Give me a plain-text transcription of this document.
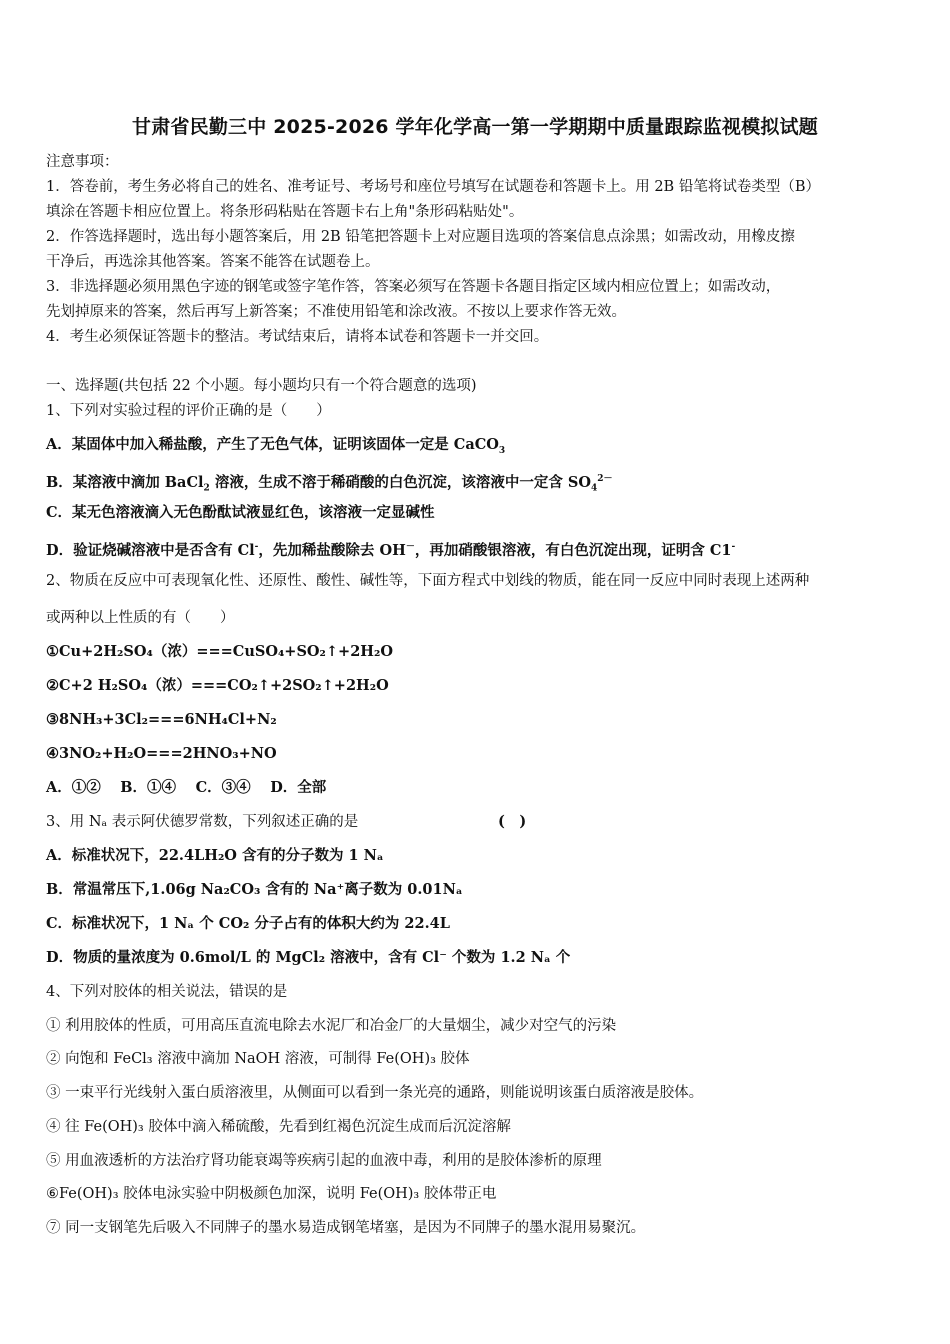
甘肃省民勤三中 2025-2026 学年化学高一第一学期期中质量跟踪监视模拟试题
注意事项：
1．答卷前，考生务必将自己的姓名、准考证号、考场号和座位号填写在试题卷和答题卡上。用 2B 铅笔将试卷类型（B）
填涂在答题卡相应位置上。将条形码粘贴在答题卡右上角"条形码粘贴处"。
2．作答选择题时，选出每小题答案后，用 2B 铅笔把答题卡上对应题目选项的答案信息点涂黑；如需改动，用橡皮擦
干净后，再选涂其他答案。答案不能答在试题卷上。
3．非选择题必须用黑色字迹的钢笔或签字笔作答，答案必须写在答题卡各题目指定区域内相应位置上；如需改动，
先划掉原来的答案，然后再写上新答案；不准使用铅笔和涂改液。不按以上要求作答无效。
4．考生必须保证答题卡的整洁。考试结束后，请将本试卷和答题卡一并交回。
一、选择题(共包括 22 个小题。每小题均只有一个符合题意的选项)
1、下列对实验过程的评价正确的是（　　）
A．某固体中加入稀盐酸，产生了无色气体，证明该固体一定是 CaCO$_3$
B．某溶液中滴加 BaCl$_2$ 溶液，生成不溶于稀硝酸的白色沉淀，该溶液中一定含 $SO_4^{2-}$
C．某无色溶液滴入无色酚酞试液显红色，该溶液一定显碱性
D．验证烧碱溶液中是否含有 Cl-，先加稀盐酸除去 OH－，再加硝酸银溶液，有白色沉淀出现，证明含 C1-
2、物质在反应中可表现氧化性、还原性、酸性、碱性等，下面方程式中划线的物质，能在同一反应中同时表现上述两种
或两种以上性质的有（　　）
①Cu+2H₂SO₄（浓）===CuSO₄+SO₂↑+2H₂O
②C+2 H₂SO₄（浓）===CO₂↑+2SO₂↑+2H₂O
③8NH₃+3Cl₂===6NH₄Cl+N₂
④3NO₂+H₂O===2HNO₃+NO
A．①②　 B．①④　 C．③④　 D．全部
3、用 Nₐ 表示阿伏德罗常数，下列叙述正确的是	(　)
A．标准状况下，22.4LH₂O 含有的分子数为 1 Nₐ
B．常温常压下,1.06g Na₂CO₃ 含有的 Na⁺离子数为 0.01Nₐ
C．标准状况下，1 Nₐ 个 CO₂ 分子占有的体积大约为 22.4L
D．物质的量浓度为 0.6mol/L 的 MgCl₂ 溶液中，含有 Cl⁻ 个数为 1.2 Nₐ 个
4、下列对胶体的相关说法，错误的是
① 利用胶体的性质，可用高压直流电除去水泥厂和冶金厂的大量烟尘，减少对空气的污染
② 向饱和 FeCl₃ 溶液中滴加 NaOH 溶液，可制得 Fe(OH)₃ 胶体
③ 一束平行光线射入蛋白质溶液里，从侧面可以看到一条光亮的通路，则能说明该蛋白质溶液是胶体。
④ 往 Fe(OH)₃ 胶体中滴入稀硫酸，先看到红褐色沉淀生成而后沉淀溶解
⑤ 用血液透析的方法治疗肾功能衰竭等疾病引起的血液中毒，利用的是胶体渗析的原理
⑥Fe(OH)₃ 胶体电泳实验中阴极颜色加深，说明 Fe(OH)₃ 胶体带正电
⑦ 同一支钢笔先后吸入不同牌子的墨水易造成钢笔堵塞，是因为不同牌子的墨水混用易聚沉。
